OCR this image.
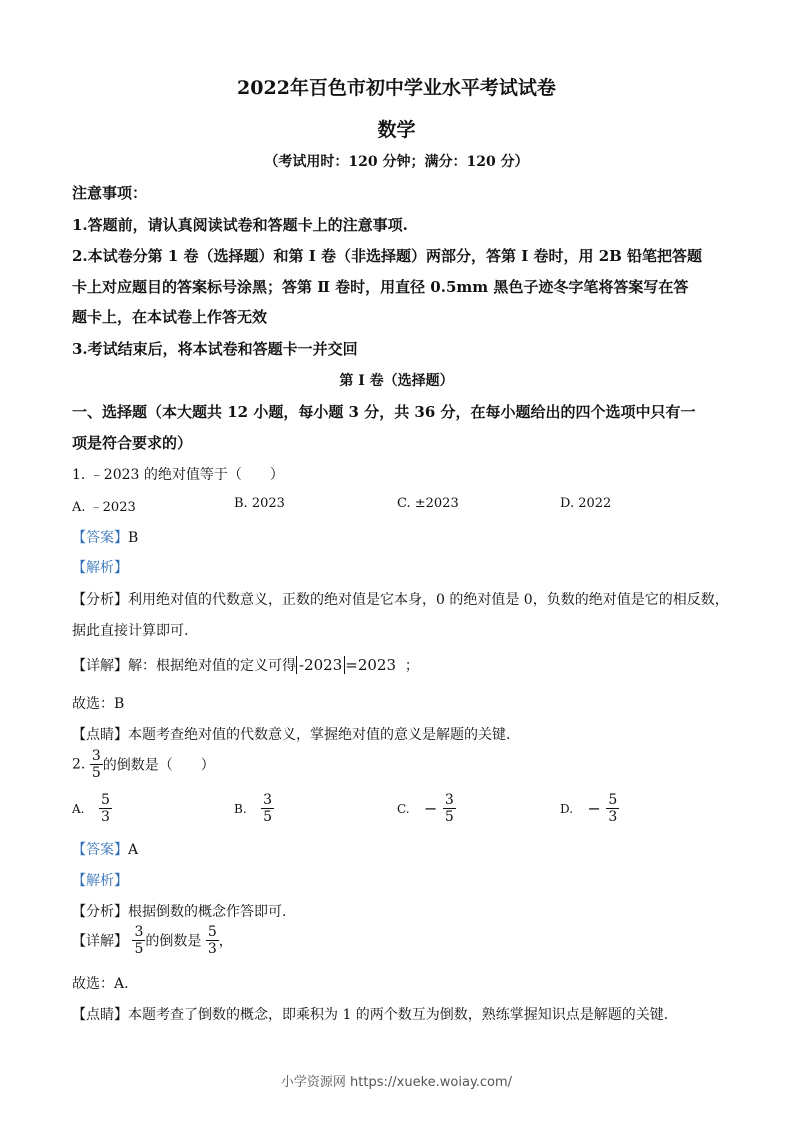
2022年百色市初中学业水平考试试卷
数学
（考试用时：120 分钟；满分：120 分）
注意事项：
1.答题前，请认真阅读试卷和答题卡上的注意事项.
2.本试卷分第 1 卷（选择题）和第 Ⅰ 卷（非选择题）两部分，答第 I 卷时，用 2B 铅笔把答题
卡上对应题目的答案标号涂黑；答第 Ⅱ 卷时，用直径 0.5mm 黑色子迹冬字笔将答案写在答
题卡上，在本试卷上作答无效
3.考试结束后，将本试卷和答题卡一并交回
第 I 卷（选择题）
一、选择题（本大题共 12 小题，每小题 3 分，共 36 分，在每小题给出的四个选项中只有一
项是符合要求的）
1. ﹣2023 的绝对值等于（　　）
A. ﹣2023	B. 2023	C. ±2023	D. 2022
【答案】B
【解析】
【分析】利用绝对值的代数意义，正数的绝对值是它本身，0 的绝对值是 0，负数的绝对值是它的相反数，
据此直接计算即可.
【详解】解：根据绝对值的定义可得 -2023 =2023 ；
故选：B
【点睛】本题考查绝对值的代数意义，掌握绝对值的意义是解题的关键.
2. $\frac{3}{5}$ 的倒数是（　　）
A. $\frac{5}{3}$	B. $\frac{3}{5}$	C. − $\frac{3}{5}$	D. − $\frac{5}{3}$
【答案】A
【解析】
【分析】根据倒数的概念作答即可.
【详解】 $\frac{3}{5}$ 的倒数是 $\frac{5}{3}$ ，
故选：A.
【点睛】本题考查了倒数的概念，即乘积为 1 的两个数互为倒数，熟练掌握知识点是解题的关键.
小学资源网 https://xueke.woiay.com/
